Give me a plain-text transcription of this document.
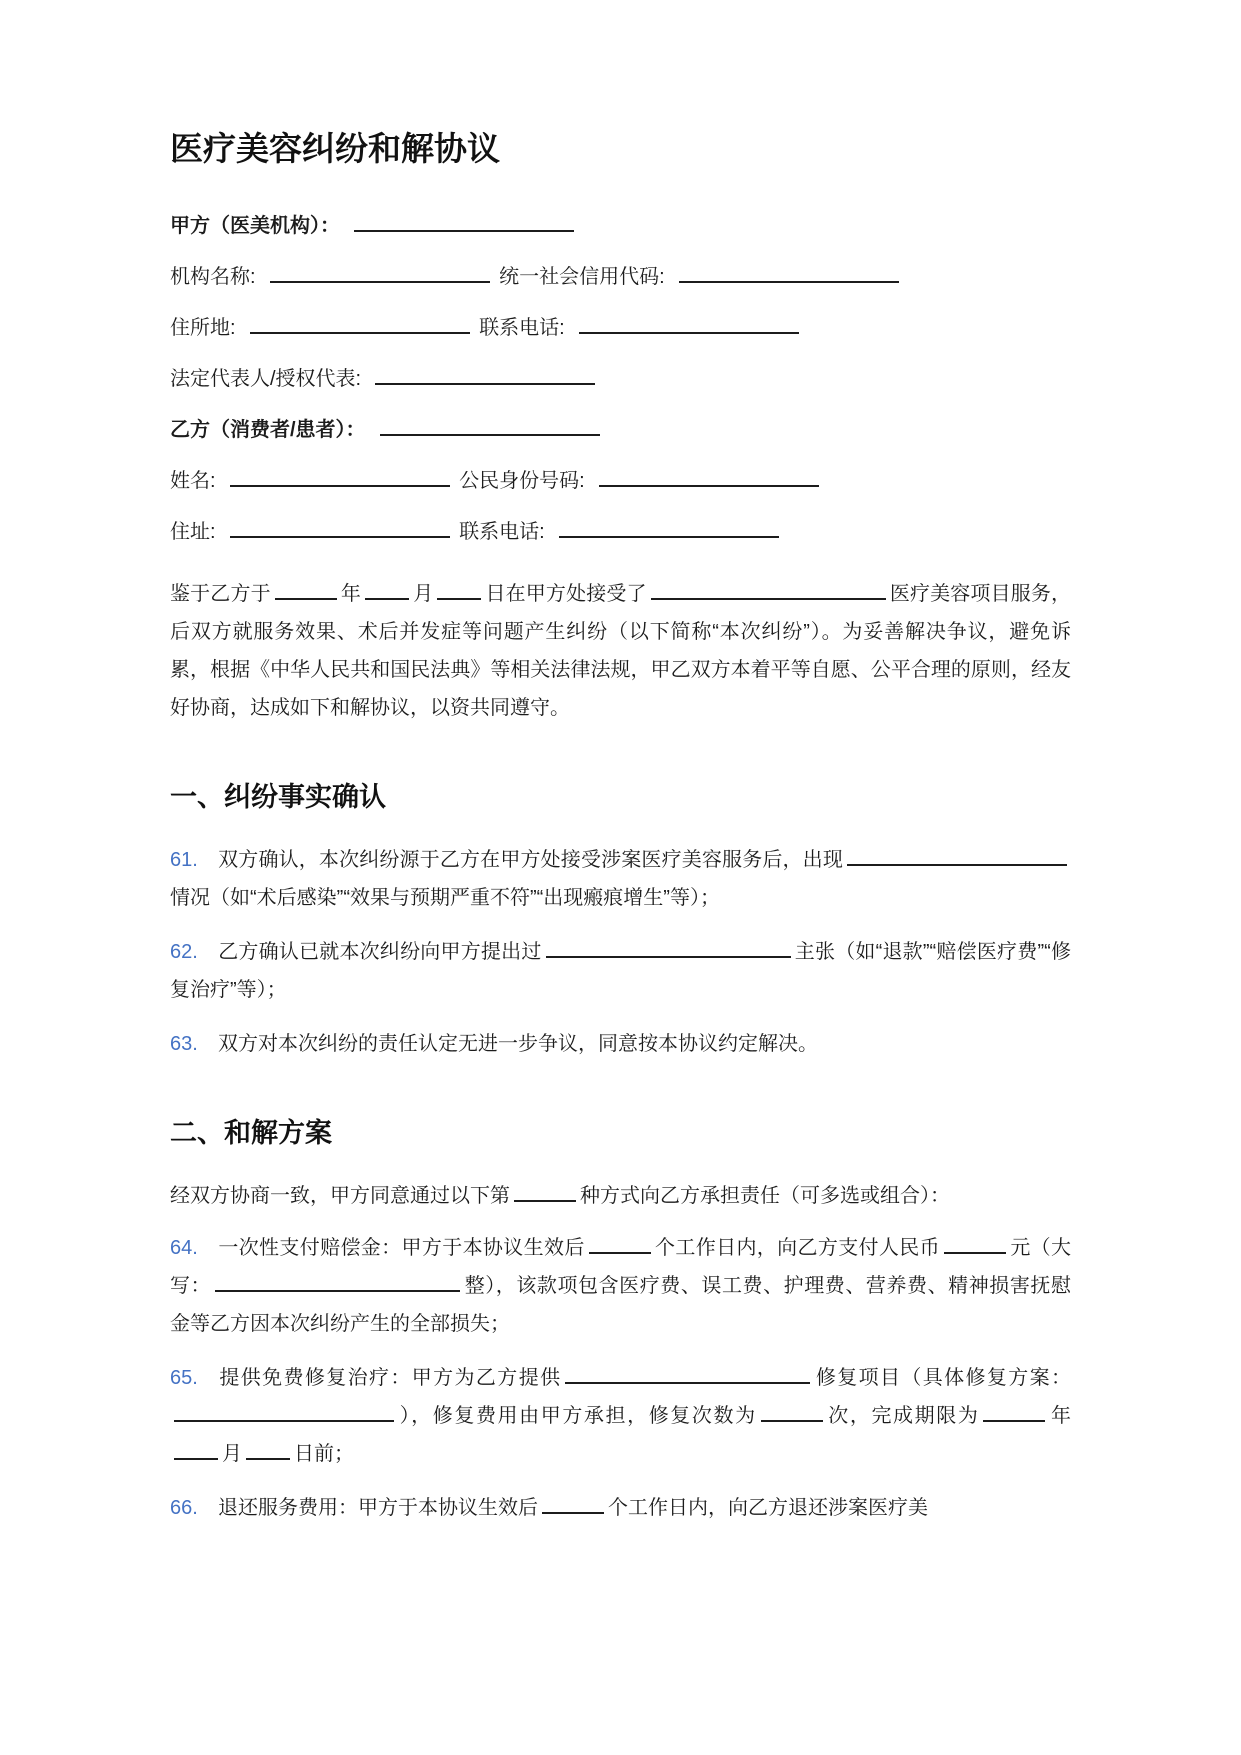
医疗美容纠纷和解协议

甲方（医美机构）：

机构名称:	统一社会信用代码:

住所地:	联系电话:

法定代表人/授权代表:

乙方（消费者/患者）：

姓名:	公民身份号码:

住址:	联系电话:

鉴于乙方于	年	月	日在甲方处接受了	医疗美容项目服务，后双方就服务效果、术后并发症等问题产生纠纷（以下简称“本次纠纷”）。为妥善解决争议，避免诉累，根据《中华人民共和国民法典》等相关法律法规，甲乙双方本着平等自愿、公平合理的原则，经友好协商，达成如下和解协议，以资共同遵守。

一、纠纷事实确认

61. 双方确认，本次纠纷源于乙方在甲方处接受涉案医疗美容服务后，出现情况（如“术后感染”“效果与预期严重不符”“出现瘢痕增生”等）；

62. 乙方确认已就本次纠纷向甲方提出过	主张（如“退款”“赔偿医疗费”“修复治疗”等）；

63. 双方对本次纠纷的责任认定无进一步争议，同意按本协议约定解决。

二、和解方案

经双方协商一致，甲方同意通过以下第	种方式向乙方承担责任（可多选或组合）：

64. 一次性支付赔偿金：甲方于本协议生效后	个工作日内，向乙方支付人民币	元（大写：	整），该款项包含医疗费、误工费、护理费、营养费、精神损害抚慰金等乙方因本次纠纷产生的全部损失；

65. 提供免费修复治疗：甲方为乙方提供	修复项目（具体修复方案：），修复费用由甲方承担，修复次数为	次，完成期限为	年月	日前；

66. 退还服务费用：甲方于本协议生效后	个工作日内，向乙方退还涉案医疗美
